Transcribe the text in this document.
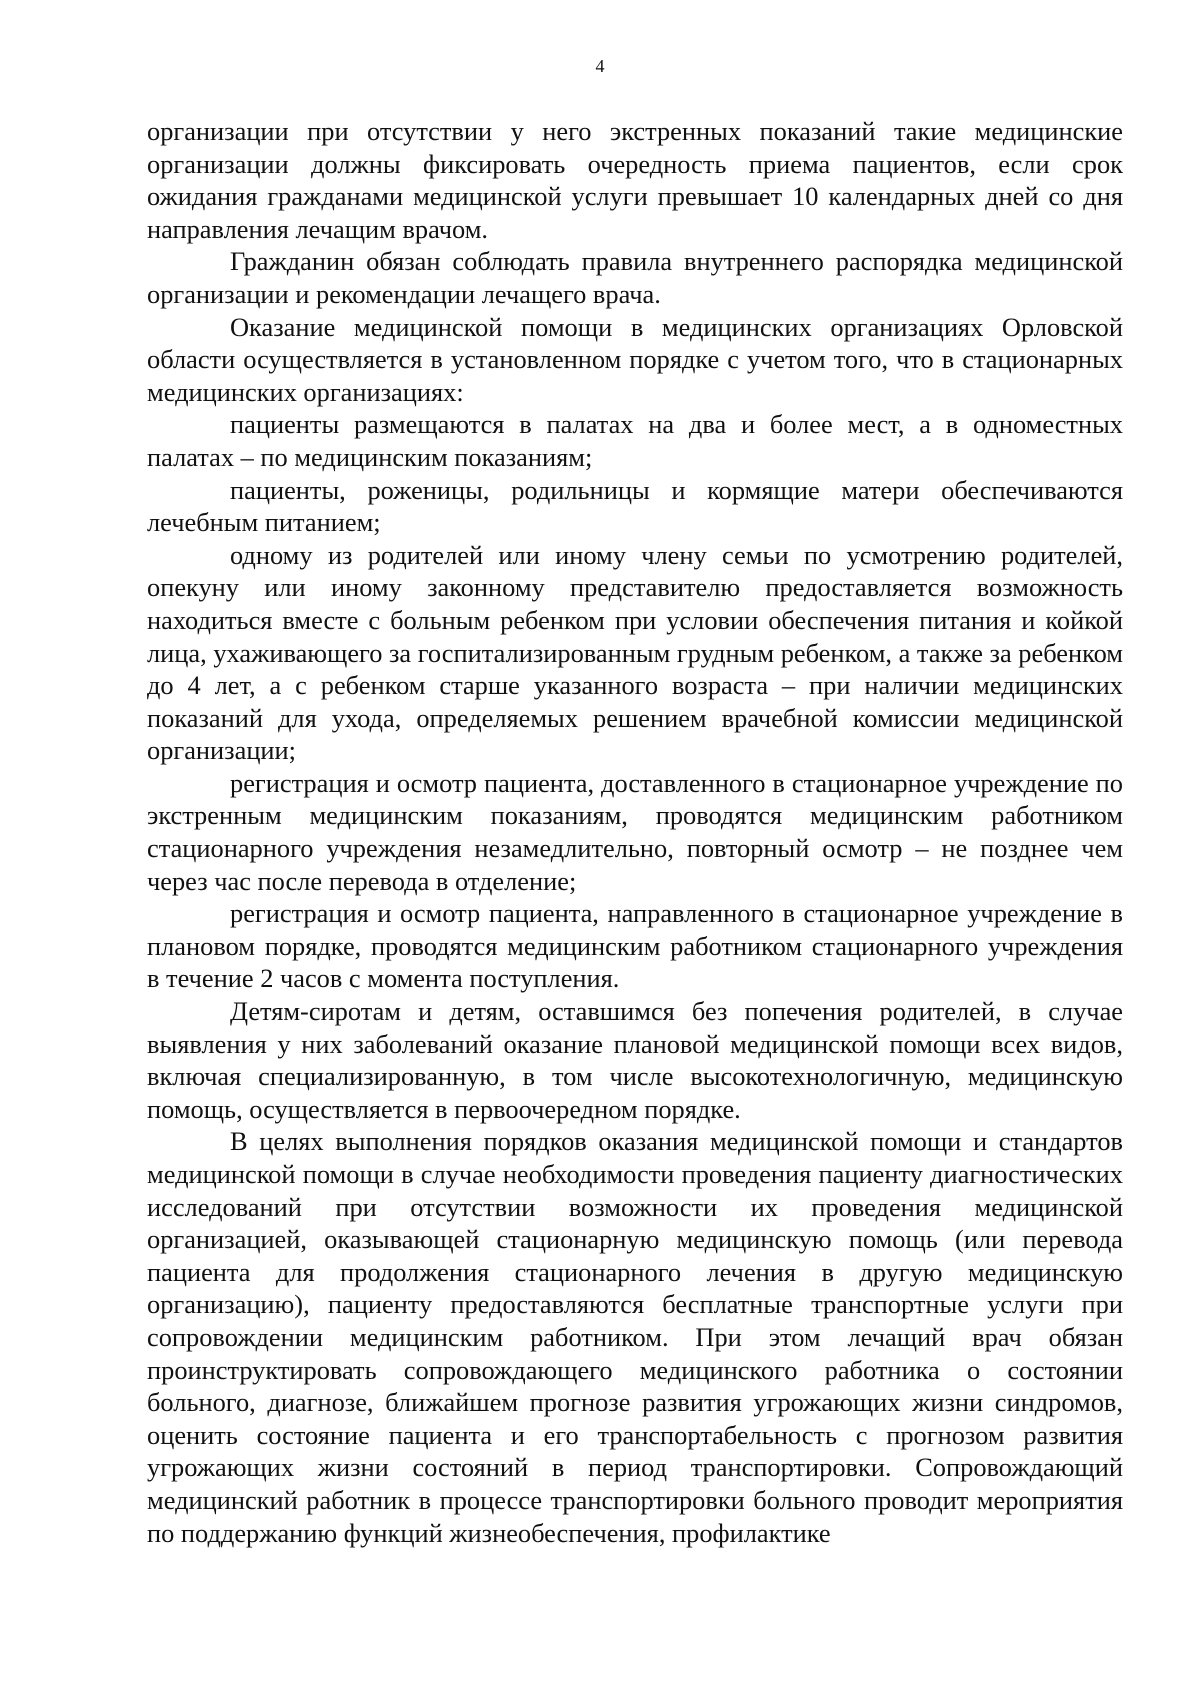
4

организации при отсутствии у него экстренных показаний такие медицинские организации должны фиксировать очередность приема пациентов, если срок ожидания гражданами медицинской услуги превышает 10 календарных дней со дня направления лечащим врачом.

Гражданин обязан соблюдать правила внутреннего распорядка медицинской организации и рекомендации лечащего врача.

Оказание медицинской помощи в медицинских организациях Орловской области осуществляется в установленном порядке с учетом того, что в стационарных медицинских организациях:

пациенты размещаются в палатах на два и более мест, а в одноместных палатах – по медицинским показаниям;

пациенты, роженицы, родильницы и кормящие матери обеспечиваются лечебным питанием;

одному из родителей или иному члену семьи по усмотрению родителей, опекуну или иному законному представителю предоставляется возможность находиться вместе с больным ребенком при условии обеспечения питания и койкой лица, ухаживающего за госпитализированным грудным ребенком, а также за ребенком до 4 лет, а с ребенком старше указанного возраста – при наличии медицинских показаний для ухода, определяемых решением врачебной комиссии медицинской организации;

регистрация и осмотр пациента, доставленного в стационарное учреждение по экстренным медицинским показаниям, проводятся медицинским работником стационарного учреждения незамедлительно, повторный осмотр – не позднее чем через час после перевода в отделение;

регистрация и осмотр пациента, направленного в стационарное учреждение в плановом порядке, проводятся медицинским работником стационарного учреждения в течение 2 часов с момента поступления.

Детям-сиротам и детям, оставшимся без попечения родителей, в случае выявления у них заболеваний оказание плановой медицинской помощи всех видов, включая специализированную, в том числе высокотехнологичную, медицинскую помощь, осуществляется в первоочередном порядке.

В целях выполнения порядков оказания медицинской помощи и стандартов медицинской помощи в случае необходимости проведения пациенту диагностических исследований при отсутствии возможности их проведения медицинской организацией, оказывающей стационарную медицинскую помощь (или перевода пациента для продолжения стационарного лечения в другую медицинскую организацию), пациенту предоставляются бесплатные транспортные услуги при сопровождении медицинским работником. При этом лечащий врач обязан проинструктировать сопровождающего медицинского работника о состоянии больного, диагнозе, ближайшем прогнозе развития угрожающих жизни синдромов, оценить состояние пациента и его транспортабельность с прогнозом развития угрожающих жизни состояний в период транспортировки. Сопровождающий медицинский работник в процессе транспортировки больного проводит мероприятия по поддержанию функций жизнеобеспечения, профилактике
